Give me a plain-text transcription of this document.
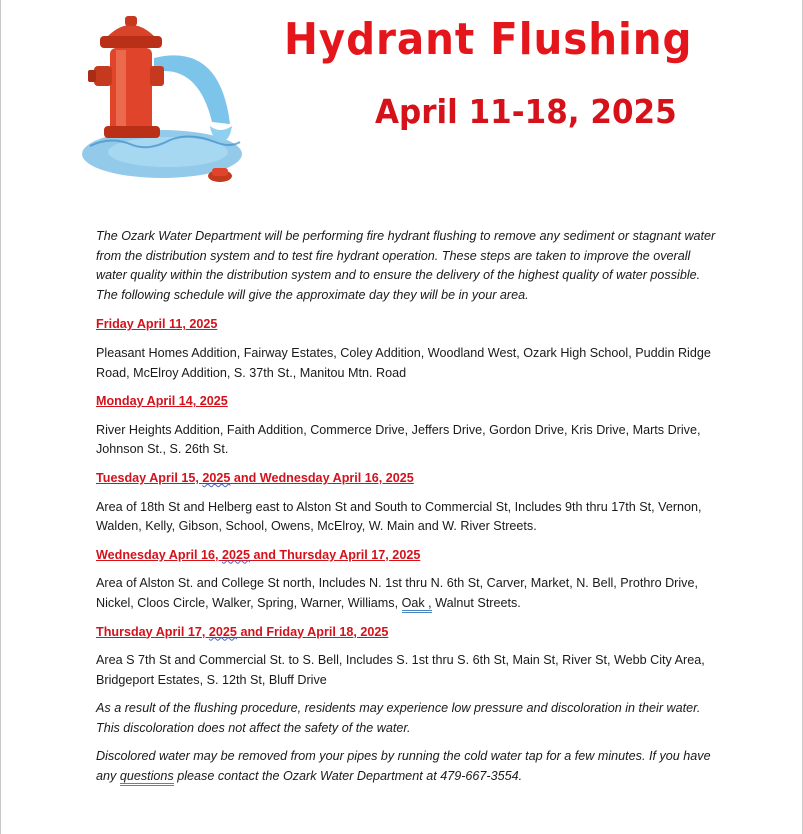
Hydrant Flushing
April 11-18, 2025

The Ozark Water Department will be performing fire hydrant flushing to remove any sediment or stagnant water from the distribution system and to test fire hydrant operation. These steps are taken to improve the overall water quality within the distribution system and to ensure the delivery of the highest quality of water possible. The following schedule will give the approximate day they will be in your area.

Friday April 11, 2025

Pleasant Homes Addition, Fairway Estates, Coley Addition, Woodland West, Ozark High School, Puddin Ridge Road, McElroy Addition, S. 37th St., Manitou Mtn. Road

Monday April 14, 2025

River Heights Addition, Faith Addition, Commerce Drive, Jeffers Drive, Gordon Drive, Kris Drive, Marts Drive, Johnson St., S. 26th St.

Tuesday April 15, 2025 and Wednesday April 16, 2025

Area of 18th St and Helberg east to Alston St and South to Commercial St, Includes 9th thru 17th St, Vernon, Walden, Kelly, Gibson, School, Owens, McElroy, W. Main and W. River Streets.

Wednesday April 16, 2025 and Thursday April 17, 2025

Area of Alston St. and College St north, Includes N. 1st thru N. 6th St, Carver, Market, N. Bell, Prothro Drive, Nickel, Cloos Circle, Walker, Spring, Warner, Williams, Oak , Walnut Streets.

Thursday April 17, 2025 and Friday April 18, 2025

Area S 7th St and Commercial St. to S. Bell, Includes S. 1st thru S. 6th St, Main St, River St, Webb City Area, Bridgeport Estates, S. 12th St, Bluff Drive

As a result of the flushing procedure, residents may experience low pressure and discoloration in their water. This discoloration does not affect the safety of the water.

Discolored water may be removed from your pipes by running the cold water tap for a few minutes. If you have any questions please contact the Ozark Water Department at 479-667-3554.
